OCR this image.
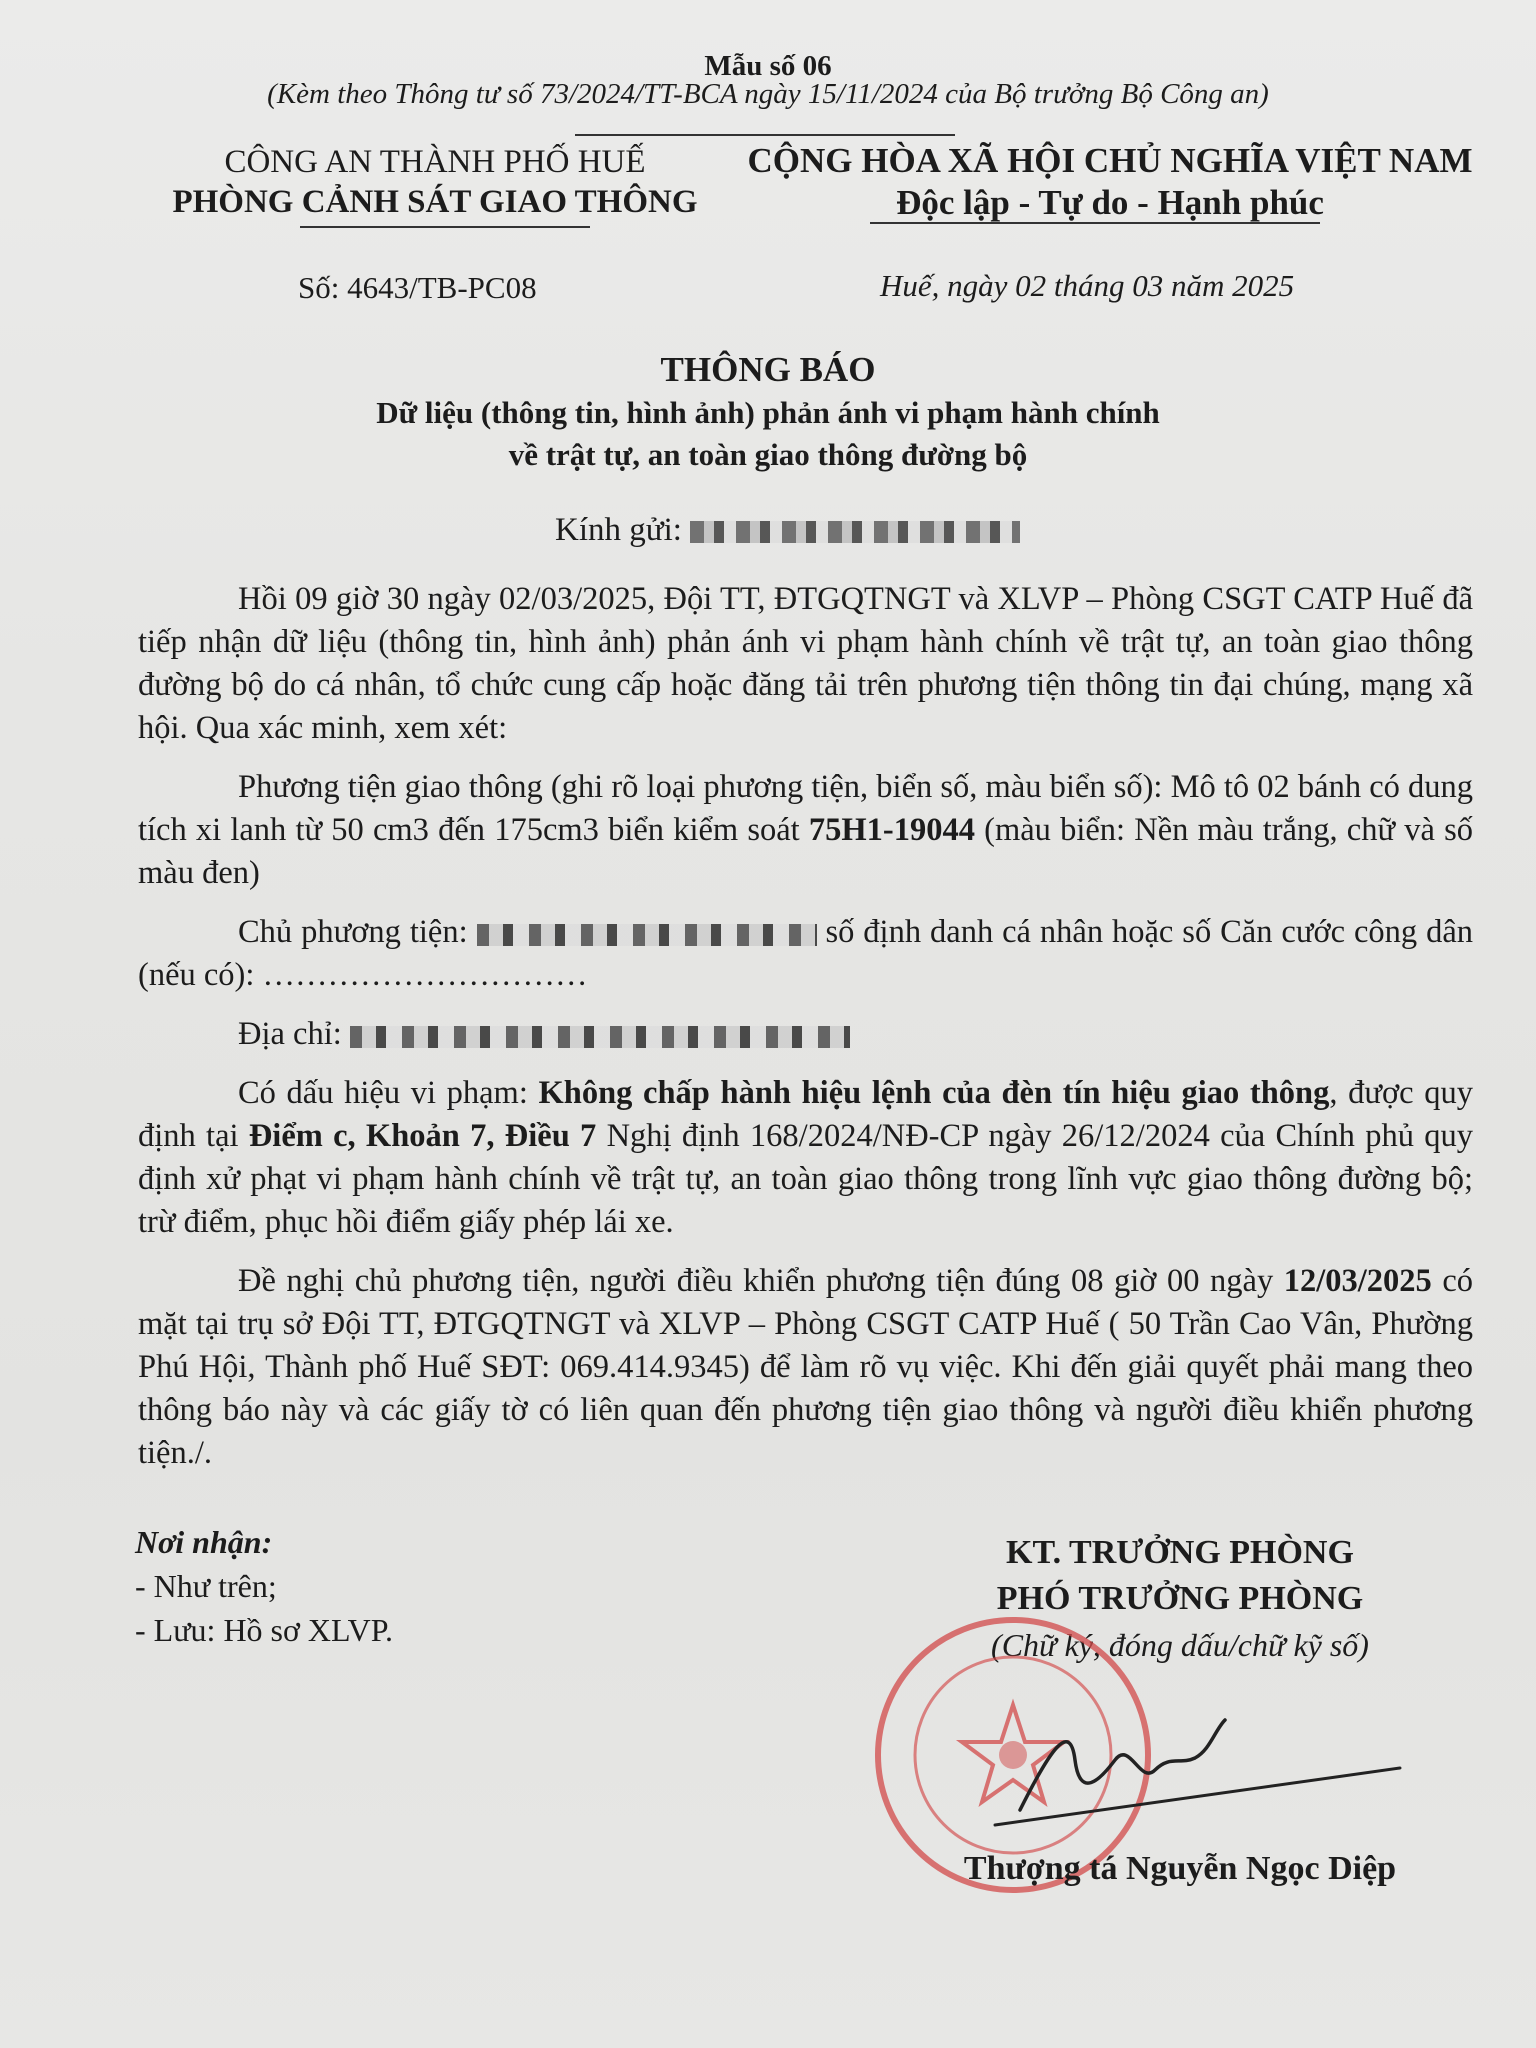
Mẫu số 06
(Kèm theo Thông tư số 73/2024/TT-BCA ngày 15/11/2024 của Bộ trưởng Bộ Công an)
CÔNG AN THÀNH PHỐ HUẾ
PHÒNG CẢNH SÁT GIAO THÔNG
CỘNG HÒA XÃ HỘI CHỦ NGHĨA VIỆT NAM
Độc lập - Tự do - Hạnh phúc
Số: 4643/TB-PC08	Huế, ngày 02 tháng 03 năm 2025
THÔNG BÁO
Dữ liệu (thông tin, hình ảnh) phản ánh vi phạm hành chính
về trật tự, an toàn giao thông đường bộ
Kính gửi:

Hồi 09 giờ 30 ngày 02/03/2025, Đội TT, ĐTGQTNGT và XLVP – Phòng CSGT CATP Huế đã tiếp nhận dữ liệu (thông tin, hình ảnh) phản ánh vi phạm hành chính về trật tự, an toàn giao thông đường bộ do cá nhân, tổ chức cung cấp hoặc đăng tải trên phương tiện thông tin đại chúng, mạng xã hội. Qua xác minh, xem xét:

Phương tiện giao thông (ghi rõ loại phương tiện, biển số, màu biển số): Mô tô 02 bánh có dung tích xi lanh từ 50 cm3 đến 175cm3 biển kiểm soát 75H1-19044 (màu biển: Nền màu trắng, chữ và số màu đen)

Chủ phương tiện:	số định danh cá nhân hoặc số Căn cước công dân (nếu có): …………………………

Địa chỉ:

Có dấu hiệu vi phạm: Không chấp hành hiệu lệnh của đèn tín hiệu giao thông, được quy định tại Điểm c, Khoản 7, Điều 7 Nghị định 168/2024/NĐ-CP ngày 26/12/2024 của Chính phủ quy định xử phạt vi phạm hành chính về trật tự, an toàn giao thông trong lĩnh vực giao thông đường bộ; trừ điểm, phục hồi điểm giấy phép lái xe.

Đề nghị chủ phương tiện, người điều khiển phương tiện đúng 08 giờ 00 ngày 12/03/2025 có mặt tại trụ sở Đội TT, ĐTGQTNGT và XLVP – Phòng CSGT CATP Huế ( 50 Trần Cao Vân, Phường Phú Hội, Thành phố Huế SĐT: 069.414.9345) để làm rõ vụ việc. Khi đến giải quyết phải mang theo thông báo này và các giấy tờ có liên quan đến phương tiện giao thông và người điều khiển phương tiện./.

Nơi nhận:
- Như trên;
- Lưu: Hồ sơ XLVP.
KT. TRƯỞNG PHÒNG
PHÓ TRƯỞNG PHÒNG
(Chữ ký, đóng dấu/chữ kỹ số)
Thượng tá Nguyễn Ngọc Diệp
